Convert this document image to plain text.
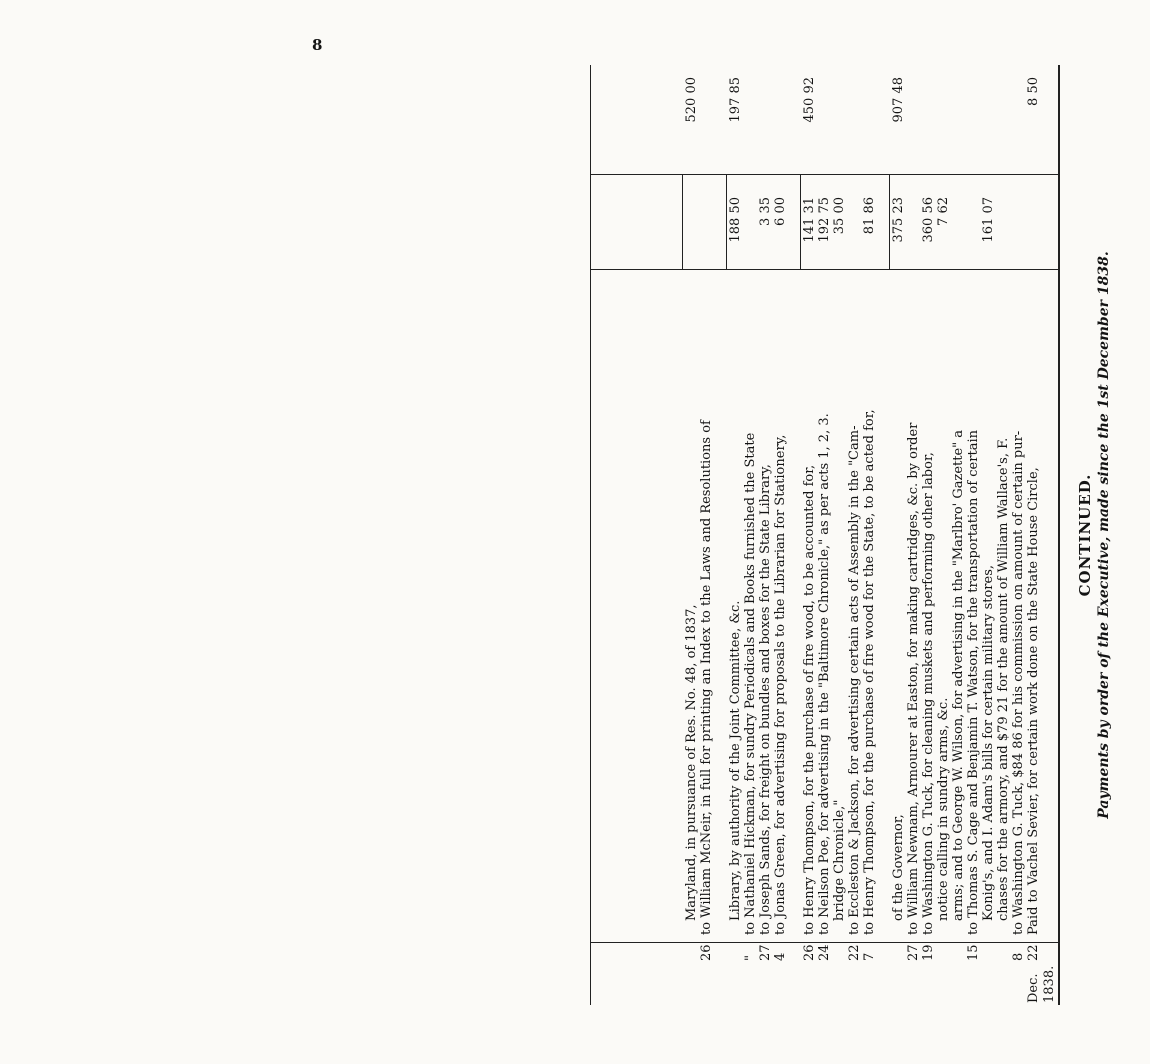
8
CONTINUED. Payments by order of the Executive, made since the 1st December 1838.
1838.
Dec.
22
Paid to Vachel Sevier, for certain work done on the State House Circle,
8
to Washington G. Tuck, $84 86 for his commission on amount of certain pur-
chases for the armory, and $79 21 for the amount of William Wallace's, F.
Konig's, and I. Adam's bills for certain military stores,
161 07
15
to Thomas S. Cage and Benjamin T. Watson, for the transportation of certain
arms; and to George W. Wilson, for advertising in the "Marlbro' Gazette" a
notice calling in sundry arms, &c.
7 62
19
to Washington G. Tuck, for cleaning muskets and performing other labor,
360 56
27
to William Newnam, Armourer at Easton, for making cartridges, &c. by order
of the Governor,
375 23
907 48
7
to Henry Thompson, for the purchase of fire wood for the State, to be acted for,
81 86
22
to Eccleston & Jackson, for advertising certain acts of Assembly in the "Cam-
bridge Chronicle,"
35 00
24
to Neilson Poe, for advertising in the "Baltimore Chronicle," as per acts 1, 2, 3.
192 75
26
to Henry Thompson, for the purchase of fire wood, to be accounted for,
141 31
450 92
4
to Jonas Green, for advertising for proposals to the Librarian for Stationery,
6 00
27
to Joseph Sands, for freight on bundles and boxes for the State Library,
3 35
"
to Nathaniel Hickman, for sundry Periodicals and Books furnished the State
Library, by authority of the Joint Committee, &c.
188 50
197 85
26
to William McNeir, in full for printing an Index to the Laws and Resolutions of
Maryland, in pursuance of Res. No. 48, of 1837,
520 00	8 50
